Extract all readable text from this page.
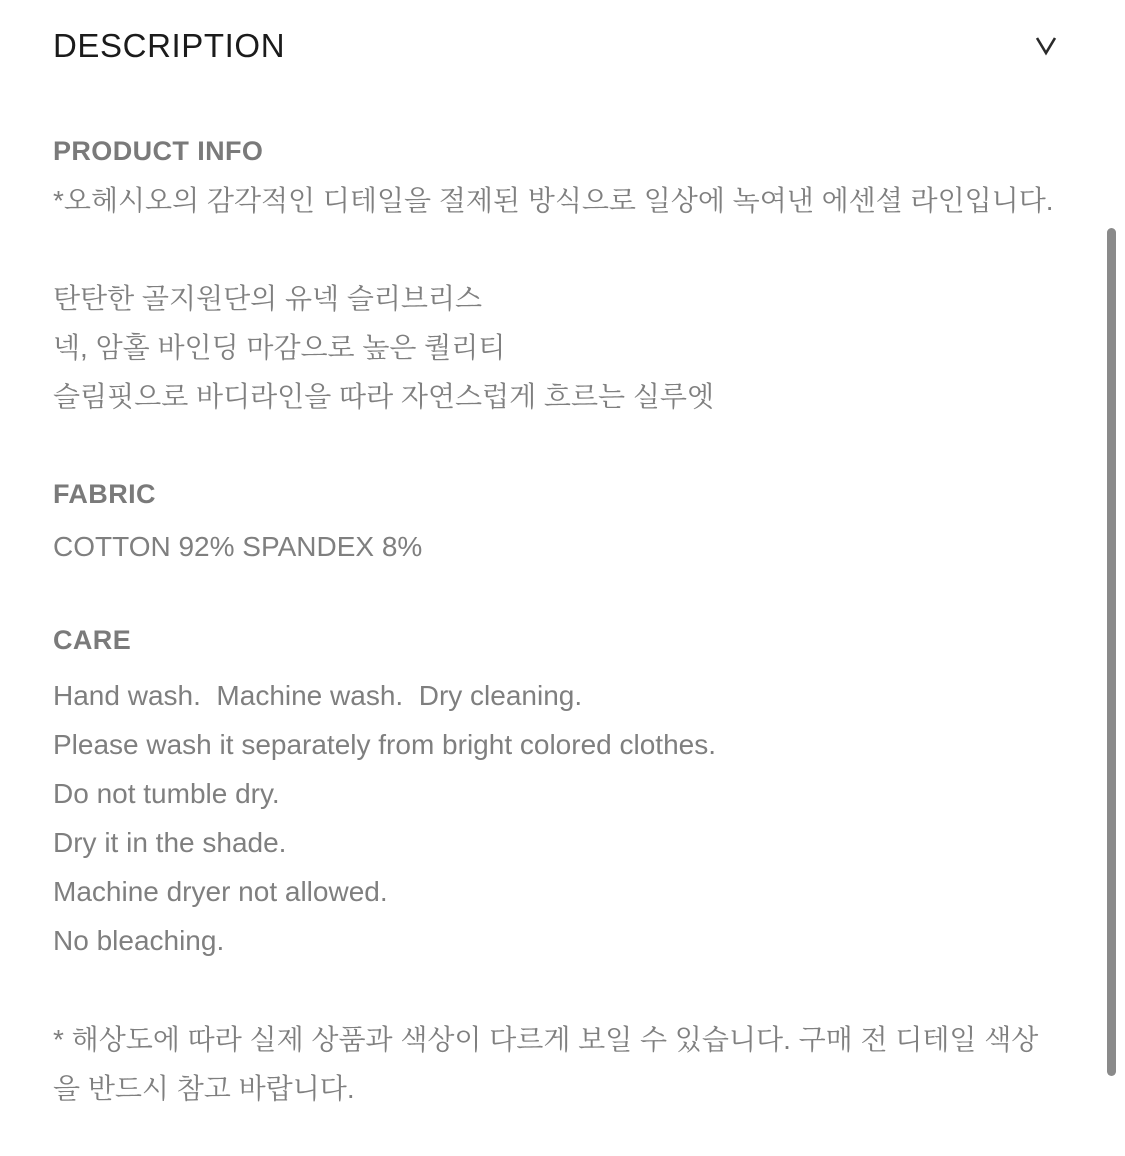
DESCRIPTION
PRODUCT INFO

*오헤시오의 감각적인 디테일을 절제된 방식으로 일상에 녹여낸 에센셜 라인입니다.

탄탄한 골지원단의 유넥 슬리브리스

넥, 암홀 바인딩 마감으로 높은 퀄리티

슬림핏으로 바디라인을 따라 자연스럽게 흐르는 실루엣

FABRIC

COTTON 92% SPANDEX 8%

CARE

Hand wash.  Machine wash.  Dry cleaning.

Please wash it separately from bright colored clothes.

Do not tumble dry.

Dry it in the shade.

Machine dryer not allowed.

No bleaching.

* 해상도에 따라 실제 상품과 색상이 다르게 보일 수 있습니다. 구매 전 디테일 색상을 반드시 참고 바랍니다.
